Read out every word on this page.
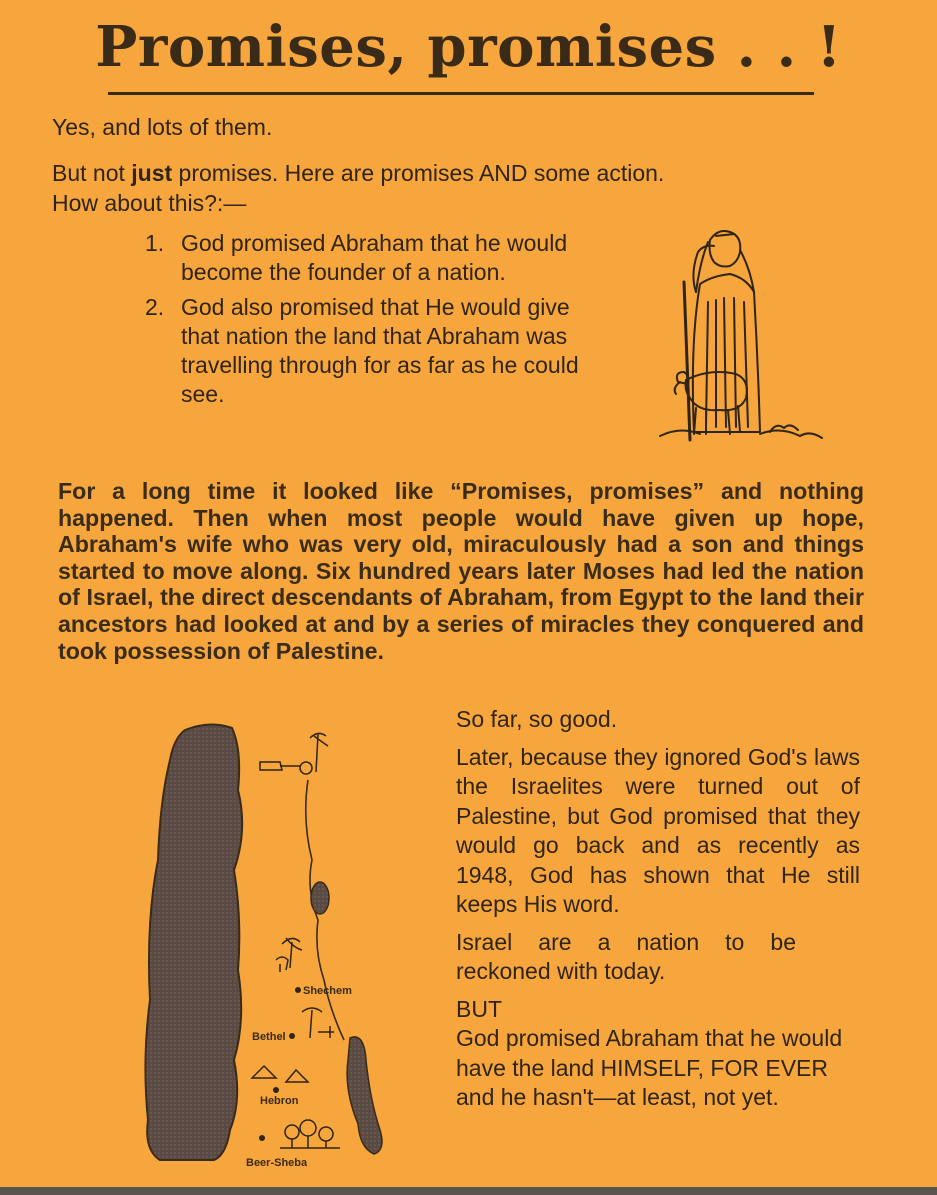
Promises, promises . . !
Yes, and lots of them.
But not just promises. Here are promises AND some action.
How about this?:—
1. God promised Abraham that he would become the founder of a nation.
2. God also promised that He would give that nation the land that Abraham was travelling through for as far as he could see.
For a long time it looked like “Promises, promises” and nothing happened. Then when most people would have given up hope, Abraham's wife who was very old, miraculously had a son and things started to move along. Six hundred years later Moses had led the nation of Israel, the direct descendants of Abraham, from Egypt to the land their ancestors had looked at and by a series of miracles they conquered and took possession of Palestine.
Shechem
Bethel
Hebron
Beer-Sheba

So far, so good.

Later, because they ignored God's laws the Israelites were turned out of Palestine, but God promised that they would go back and as recently as 1948, God has shown that He still keeps His word.

Israel are a nation to be reckoned with today.

BUT

God promised Abraham that he would have the land HIMSELF, FOR EVER and he hasn't—at least, not yet.
